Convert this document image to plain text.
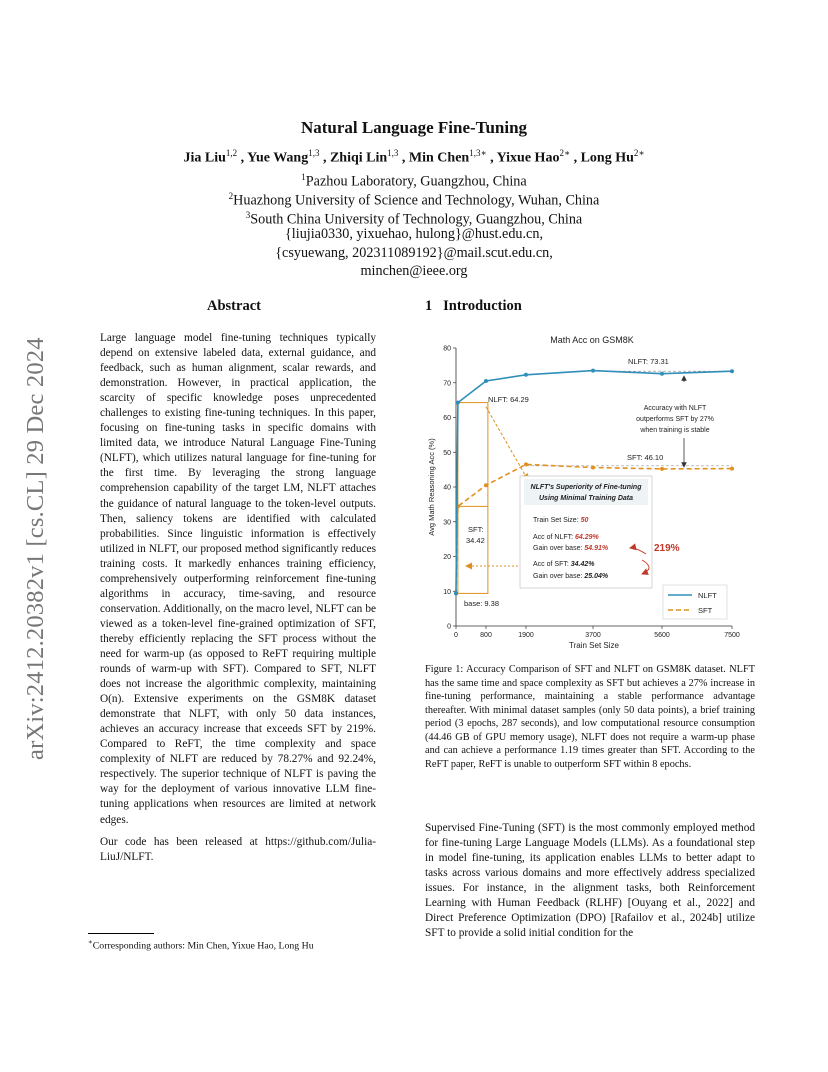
arXiv:2412.20382v1 [cs.CL] 29 Dec 2024
Natural Language Fine-Tuning
Jia Liu$^{1,2}$ , Yue Wang$^{1,3}$ , Zhiqi Lin$^{1,3}$ , Min Chen$^{1,3∗}$ , Yixue Hao$^{2∗}$ , Long $Hu^{2∗}$
$^1$Pazhou Laboratory, Guangzhou, China
$^2$Huazhong University of Science and Technology, Wuhan, China
$^3$South China University of Technology, Guangzhou, China
{liujia0330, yixuehao, hulong}@hust.edu.cn,
{csyuewang, 202311089192}@mail.scut.edu.cn,
minchen@ieee.org
Abstract

Large language model fine-tuning techniques typically depend on extensive labeled data, external guidance, and feedback, such as human alignment, scalar rewards, and demonstration. However, in practical application, the scarcity of specific knowledge poses unprecedented challenges to existing fine-tuning techniques. In this paper, focusing on fine-tuning tasks in specific domains with limited data, we introduce Natural Language Fine-Tuning (NLFT), which utilizes natural language for fine-tuning for the first time. By leveraging the strong language comprehension capability of the target LM, NLFT attaches the guidance of natural language to the token-level outputs. Then, saliency tokens are identified with calculated probabilities. Since linguistic information is effectively utilized in NLFT, our proposed method significantly reduces training costs. It markedly enhances training efficiency, comprehensively outperforming reinforcement fine-tuning algorithms in accuracy, time-saving, and resource conservation. Additionally, on the macro level, NLFT can be viewed as a token-level fine-grained optimization of SFT, thereby efficiently replacing the SFT process without the need for warm-up (as opposed to ReFT requiring multiple rounds of warm-up with SFT). Compared to SFT, NLFT does not increase the algorithmic complexity, maintaining O(n). Extensive experiments on the GSM8K dataset demonstrate that NLFT, with only 50 data instances, achieves an accuracy increase that exceeds SFT by 219%. Compared to ReFT, the time complexity and space complexity of NLFT are reduced by 78.27% and 92.24%, respectively. The superior technique of NLFT is paving the way for the deployment of various innovative LLM fine-tuning applications when resources are limited at network edges.

Our code has been released at https://github.com/Julia-LiuJ/NLFT.

∗Corresponding authors: Min Chen, Yixue Hao, Long Hu
1 Introduction
Math Acc on GSM8K
0
10
20
30
40
50
60
70
80
0	800	1900	3700	5600	7500
Train Set Size
Avg Math Reasoning Acc (%)
NLFT: 73.31
NLFT: 64.29
SFT: 46.10
SFT:
34.42
base: 9.38
Accuracy with NLFT
outperforms SFT by 27%
when training is stable
NLFT's Superiority of Fine-tuning
Using Minimal Training Data
Train Set Size: 50
Acc of NLFT: 64.29%
Gain over base: 54.91%
Acc of SFT: 34.42%
Gain over base: 25.04%
219%
NLFT
SFT
Figure 1: Accuracy Comparison of SFT and NLFT on GSM8K dataset. NLFT has the same time and space complexity as SFT but achieves a 27% increase in fine-tuning performance, maintaining a stable performance advantage thereafter. With minimal dataset samples (only 50 data points), a brief training period (3 epochs, 287 seconds), and low computational resource consumption (44.46 GB of GPU memory usage), NLFT does not require a warm-up phase and can achieve a performance 1.19 times greater than SFT. According to the ReFT paper, ReFT is unable to outperform SFT within 8 epochs.

Supervised Fine-Tuning (SFT) is the most commonly employed method for fine-tuning Large Language Models (LLMs). As a foundational step in model fine-tuning, its application enables LLMs to better adapt to tasks across various domains and more effectively address specialized issues. For instance, in the alignment tasks, both Reinforcement Learning with Human Feedback (RLHF) [Ouyang et al., 2022] and Direct Preference Optimization (DPO) [Rafailov et al., 2024b] utilize SFT to provide a solid initial condition for the
